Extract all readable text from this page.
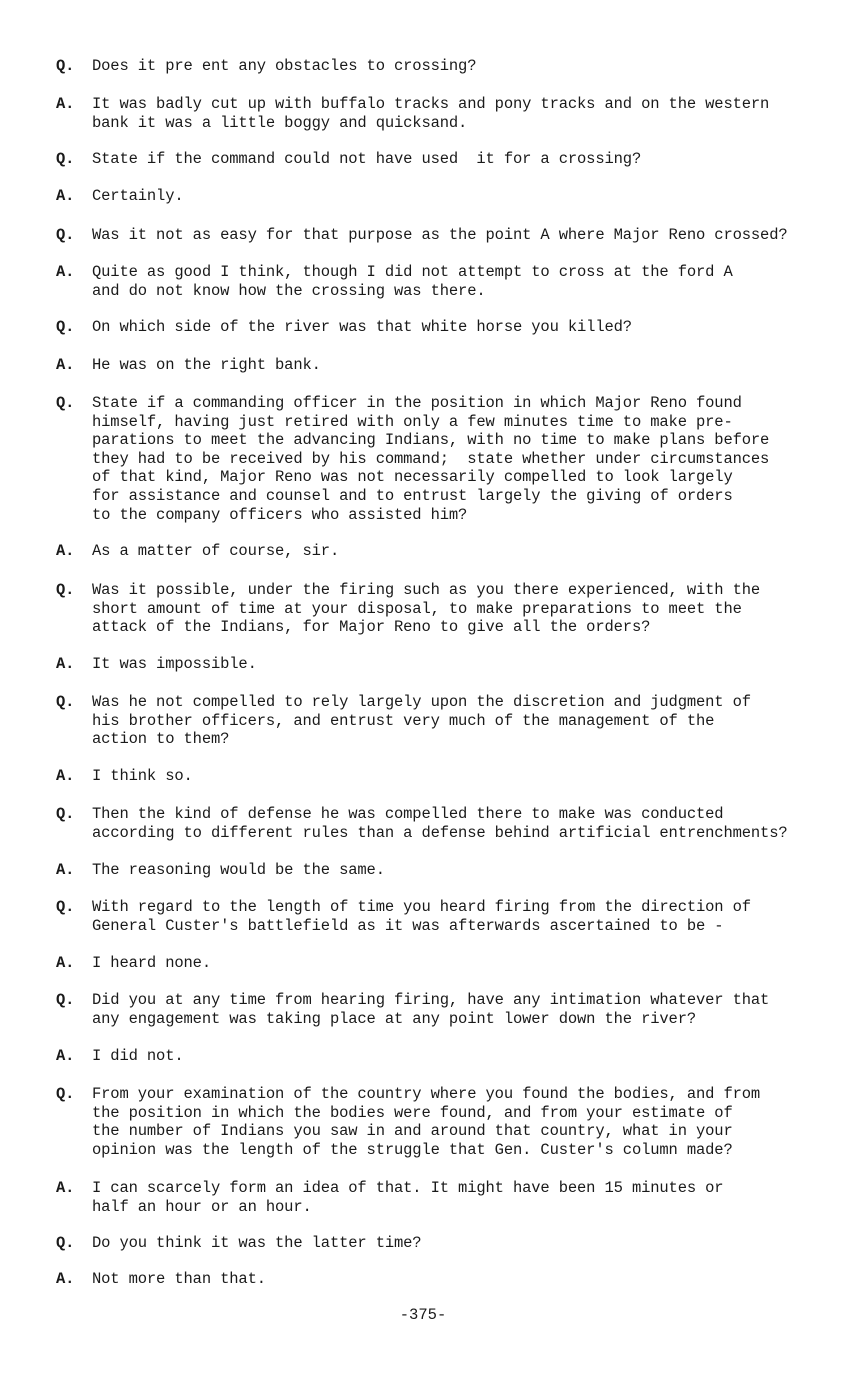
Q.	Does it pre ent any obstacles to crossing?
A.	It was badly cut up with buffalo tracks and pony tracks and on the western
bank it was a little boggy and quicksand.
Q.	State if the command could not have used  it for a crossing?
A.	Certainly.
Q.	Was it not as easy for that purpose as the point A where Major Reno crossed?
A.	Quite as good I think, though I did not attempt to cross at the ford A
and do not know how the crossing was there.
Q.	On which side of the river was that white horse you killed?
A.	He was on the right bank.
Q.	State if a commanding officer in the position in which Major Reno found
himself, having just retired with only a few minutes time to make pre-
parations to meet the advancing Indians, with no time to make plans before
they had to be received by his command;  state whether under circumstances
of that kind, Major Reno was not necessarily compelled to look largely
for assistance and counsel and to entrust largely the giving of orders
to the company officers who assisted him?
A.	As a matter of course, sir.
Q.	Was it possible, under the firing such as you there experienced, with the
short amount of time at your disposal, to make preparations to meet the
attack of the Indians, for Major Reno to give all the orders?
A.	It was impossible.
Q.	Was he not compelled to rely largely upon the discretion and judgment of
his brother officers, and entrust very much of the management of the
action to them?
A.	I think so.
Q.	Then the kind of defense he was compelled there to make was conducted
according to different rules than a defense behind artificial entrenchments?
A.	The reasoning would be the same.
Q.	With regard to the length of time you heard firing from the direction of
General Custer's battlefield as it was afterwards ascertained to be -
A.	I heard none.
Q.	Did you at any time from hearing firing, have any intimation whatever that
any engagement was taking place at any point lower down the river?
A.	I did not.
Q.	From your examination of the country where you found the bodies, and from
the position in which the bodies were found, and from your estimate of
the number of Indians you saw in and around that country, what in your
opinion was the length of the struggle that Gen. Custer's column made?
A.	I can scarcely form an idea of that. It might have been 15 minutes or
half an hour or an hour.
Q.	Do you think it was the latter time?
A.	Not more than that.
-375-
